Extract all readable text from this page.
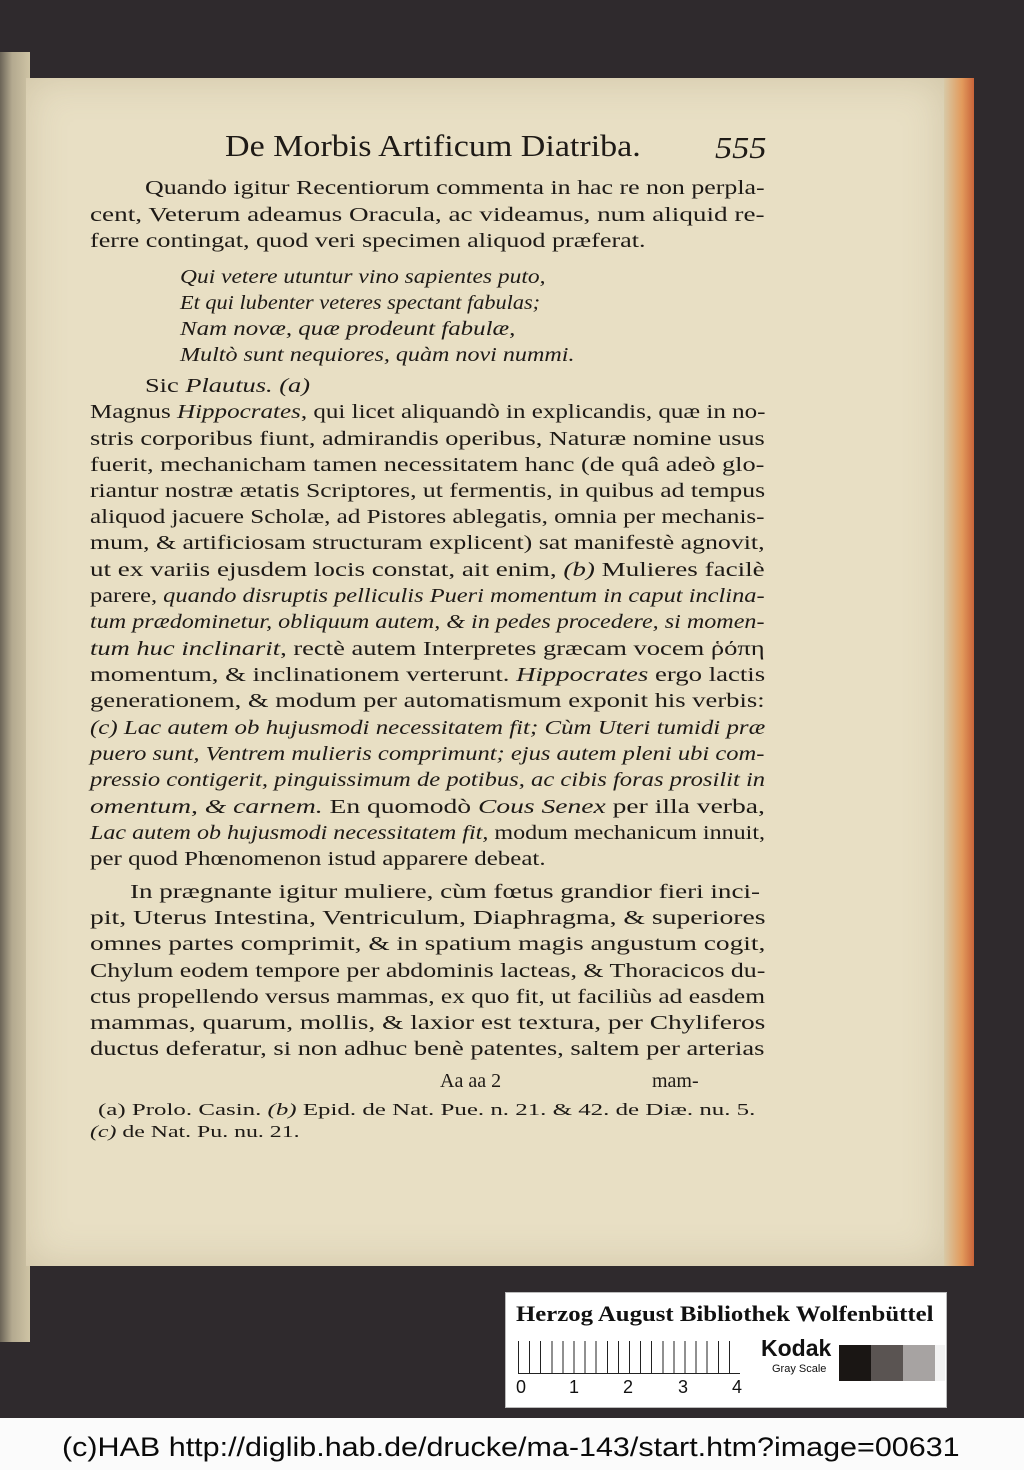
De Morbis Artificum Diatriba. 555
Quando igitur Recentiorum commenta in hac re non perpla-
cent, Veterum adeamus Oracula, ac videamus, num aliquid re-
ferre contingat, quod veri specimen aliquod præferat.
Qui vetere utuntur vino sapientes puto,
Et qui lubenter veteres spectant fabulas;
Nam novæ, quæ prodeunt fabulæ,
Multò sunt nequiores, quàm novi nummi.
Sic Plautus. (a)
Magnus Hippocrates, qui licet aliquandò in explicandis, quæ in no-
stris corporibus fiunt, admirandis operibus, Naturæ nomine usus
fuerit, mechanicham tamen necessitatem hanc (de quâ adeò glo-
riantur nostræ ætatis Scriptores, ut fermentis, in quibus ad tempus
aliquod jacuere Scholæ, ad Pistores ablegatis, omnia per mechanis-
mum, & artificiosam structuram explicent) sat manifestè agnovit,
ut ex variis ejusdem locis constat, ait enim, (b) Mulieres facilè
parere, quando disruptis pelliculis Pueri momentum in caput inclina-
tum prædominetur, obliquum autem, & in pedes procedere, si momen-
tum huc inclinarit, rectè autem Interpretes græcam vocem ῥόπη
momentum, & inclinationem verterunt. Hippocrates ergo lactis
generationem, & modum per automatismum exponit his verbis:
(c) Lac autem ob hujusmodi necessitatem fit; Cùm Uteri tumidi præ
puero sunt, Ventrem mulieris comprimunt; ejus autem pleni ubi com-
pressio contigerit, pinguissimum de potibus, ac cibis foras prosilit in
omentum, & carnem. En quomodò Cous Senex per illa verba,
Lac autem ob hujusmodi necessitatem fit, modum mechanicum innuit,
per quod Phœnomenon istud apparere debeat.
In prægnante igitur muliere, cùm fœtus grandior fieri inci-
pit, Uterus Intestina, Ventriculum, Diaphragma, & superiores
omnes partes comprimit, & in spatium magis angustum cogit,
Chylum eodem tempore per abdominis lacteas, & Thoracicos du-
ctus propellendo versus mammas, ex quo fit, ut faciliùs ad easdem
mammas, quarum, mollis, & laxior est textura, per Chyliferos
ductus deferatur, si non adhuc benè patentes, saltem per arterias
Aa aa 2	mam-
(a) Prolo. Casin. (b) Epid. de Nat. Pue. n. 21. & 42. de Diæ. nu. 5.
(c) de Nat. Pu. nu. 21.
Herzog August Bibliothek Wolfenbüttel
0 1 2 3 4
Kodak
Gray Scale
(c)HAB http://diglib.hab.de/drucke/ma-143/start.htm?image=00631
